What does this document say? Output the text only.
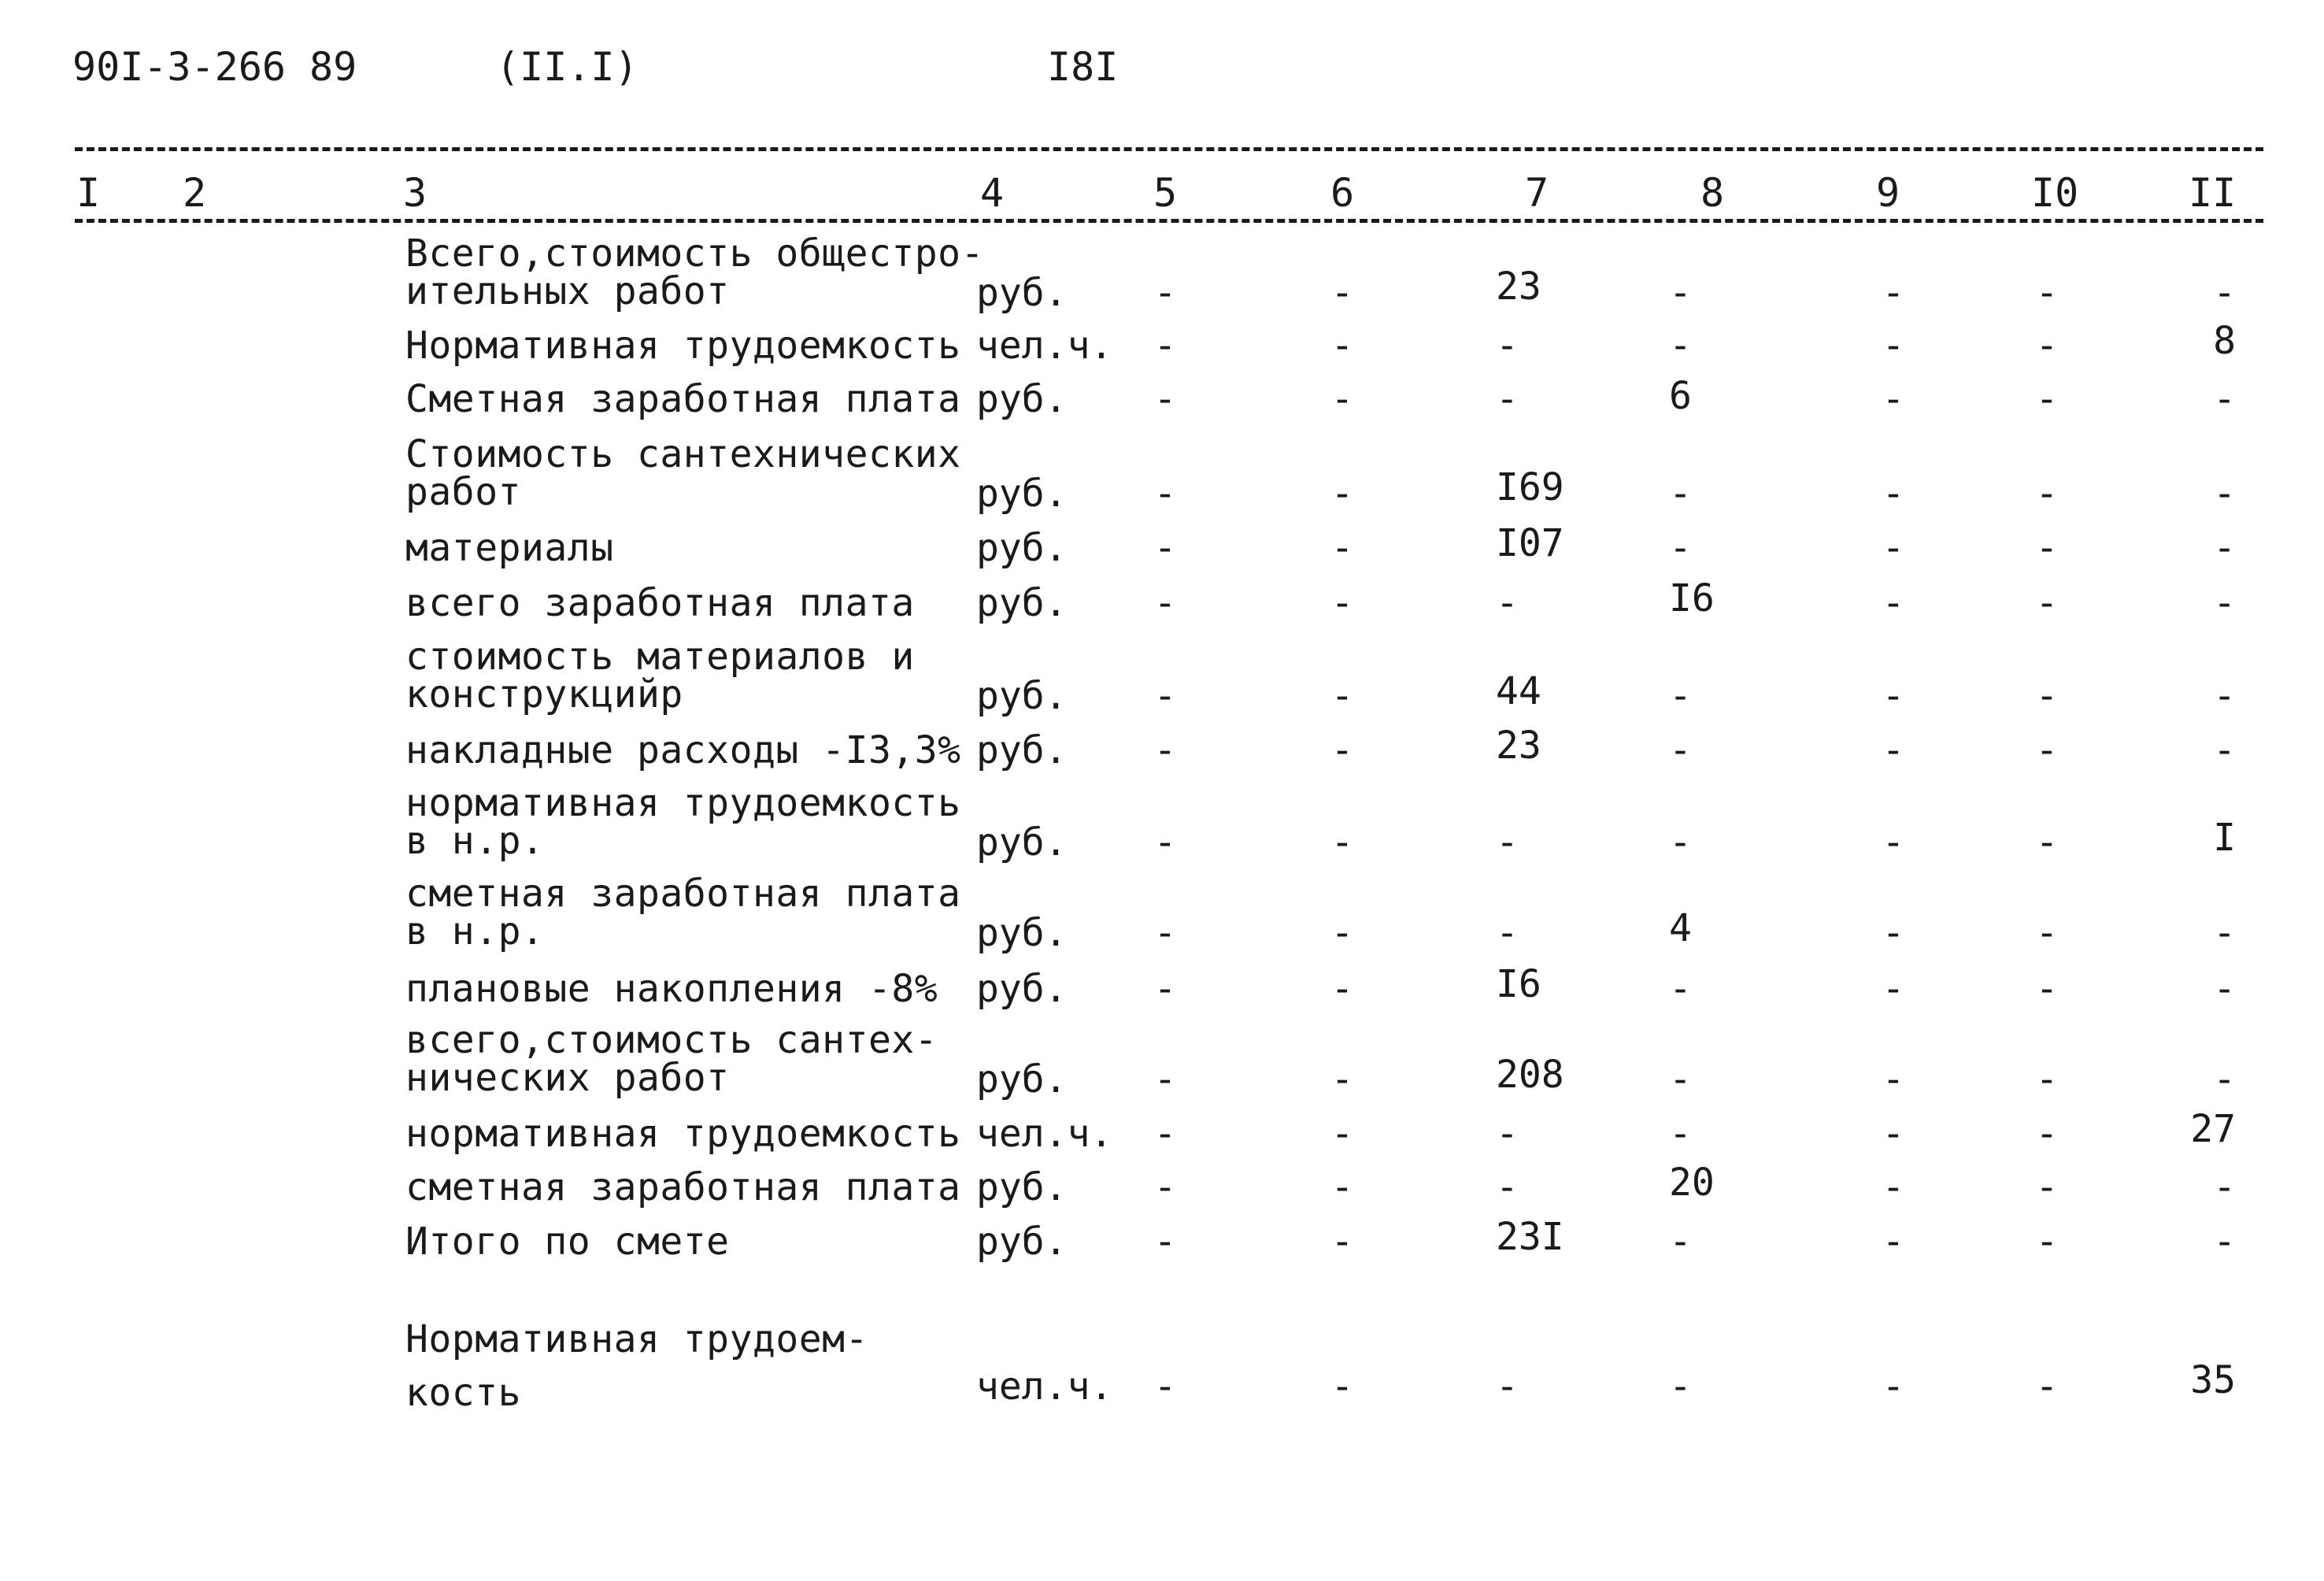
90I-3-266 89	(II.I)	I8I
I 2	3	4	5	6	7	8	9	I0	II
Всего,стоимость общестро-
ительных работ	руб.	-	-	23	-	-	-	-
Нормативная трудоемкость чел.ч.	-	-	-	-	-	-	8
Сметная заработная плата руб.	-	-	-	6	-	-	-
Стоимость сантехнических
работ	руб.	-	-	I69	-	-	-	-
материалы	руб.	-	-	I07	-	-	-	-
всего заработная плата	руб.	-	-	-	I6	-	-	-
стоимость материалов и
конструкцийр	руб.	-	-	44	-	-	-	-
накладные расходы -I3,3% руб.	-	-	23	-	-	-	-
нормативная трудоемкость
в н.р.	руб.	-	-	-	-	-	-	I
сметная заработная плата
в н.р.	руб.	-	-	-	4	-	-	-
плановые накопления -8%	руб.	-	-	I6	-	-	-	-
всего,стоимость сантех-
нических работ	руб.	-	-	208	-	-	-	-
нормативная трудоемкость чел.ч.	-	-	-	-	-	-	27
сметная заработная плата руб.	-	-	-	20	-	-	-
Итого по смете	руб.	-	-	23I	-	-	-	-
Нормативная трудоем-
кость	чел.ч.	-	-	-	-	-	-	35
